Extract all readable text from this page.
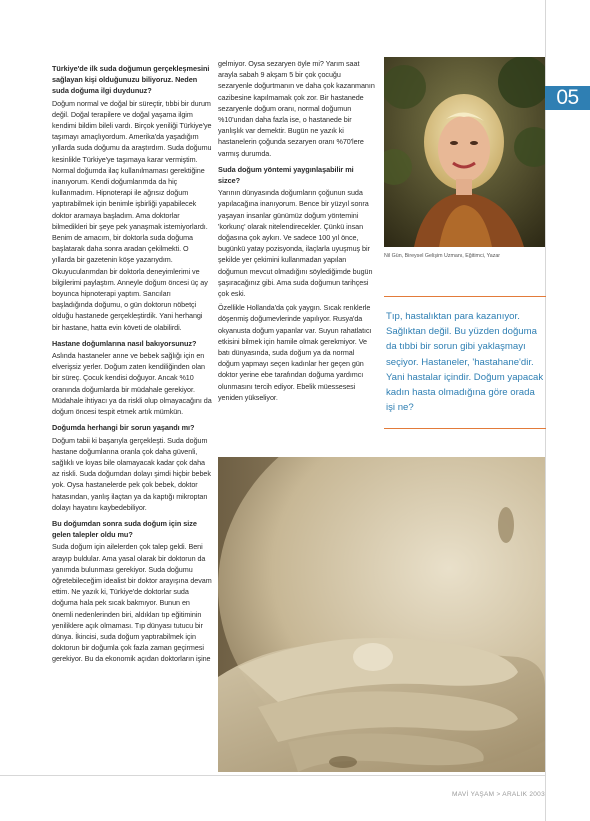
Türkiye'de ilk suda doğumun gerçekleşmesini sağlayan kişi olduğunuzu biliyoruz. Neden suda doğuma ilgi duydunuz?

Doğum normal ve doğal bir süreçtir, tıbbi bir durum değil. Doğal terapilere ve doğal yaşama ilgim kendimi bildim bileli vardı. Birçok yeniliği Türkiye'ye taşımayı amaçlıyordum. Amerika'da yaşadığım yıllarda suda doğumu da araştırdım. Suda doğumu kesinlikle Türkiye'ye taşımaya karar vermiştim. Normal doğumda ilaç kullanılmaması gerektiğine inanıyorum. Kendi doğumlarımda da hiç kullanmadım. Hipnoterapi ile ağrısız doğum yaptırabilmek için benimle işbirliği yapabilecek doktor aramaya başladım. Ama doktorlar bilmedikleri bir şeye pek yanaşmak istemiyorlardı. Benim de amacım, bir doktorla suda doğuma başlatarak daha sonra aradan çekilmekti. O yıllarda bir gazetenin köşe yazarıydım. Okuyucularımdan bir doktorla deneyimlerimi ve bilgilerimi paylaştım. Anneyle doğum öncesi üç ay boyunca hipnoterapi yaptım. Sancıları başladığında doğumu, o gün doktorun nöbetçi olduğu hastanede gerçekleştirdik. Yani herhangi bir hastane, hatta evin követi de olabilirdi.

Hastane doğumlarına nasıl bakıyorsunuz?

Aslında hastaneler anne ve bebek sağlığı için en elverişsiz yerler. Doğum zaten kendiliğinden olan bir süreç. Çocuk kendisi doğuyor. Ancak %10 oranında doğumlarda bir müdahale gerekiyor. Müdahale ihtiyacı ya da riskli olup olmayacağını da doğum öncesi tespit etmek artık mümkün.

Doğumda herhangi bir sorun yaşandı mı?

Doğum tabii ki başarıyla gerçekleşti. Suda doğum hastane doğumlarına oranla çok daha güvenli, sağlıklı ve kıyas bile olamayacak kadar çok daha az riskli. Suda doğumdan dolayı şimdi hiçbir bebek yok. Oysa hastanelerde pek çok bebek, doktor hatasından, yanlış ilaçtan ya da kaptığı mikroptan dolayı hayatını kaybedebiliyor.

Bu doğumdan sonra suda doğum için size gelen talepler oldu mu?

Suda doğum için ailelerden çok talep geldi. Beni arayıp buldular. Ama yasal olarak bir doktorun da yanımda bulunması gerekiyor. Suda doğumu öğretebileceğim idealist bir doktor arayışına devam ettim. Ne yazık ki, Türkiye'de doktorlar suda doğuma hala pek sıcak bakmıyor. Bunun en önemli nedenlerinden biri, aldıkları tıp eğitiminin yeniliklere açık olmaması. Tıp dünyası tutucu bir dünya. İkincisi, suda doğum yaptırabilmek için doktorun bir doğumla çok fazla zaman geçirmesi gerekiyor. Bu da ekonomik açıdan doktorların işine

gelmiyor. Oysa sezaryen öyle mi? Yarım saat arayla sabah 9 akşam 5 bir çok çocuğu sezaryenle doğurtmanın ve daha çok kazanmanın cazibesine kapılmamak çok zor. Bir hastanede sezaryenle doğum oranı, normal doğumun %10'undan daha fazla ise, o hastanede bir yanlışlık var demektir. Bugün ne yazık ki hastanelerin çoğunda sezaryen oranı %70'lere varmış durumda.

Suda doğum yöntemi yaygınlaşabilir mi sizce?

Yarının dünyasında doğumların çoğunun suda yapılacağına inanıyorum. Bence bir yüzyıl sonra yaşayan insanlar günümüz doğum yöntemini 'korkunç' olarak nitelendirecekler. Çünkü insan doğasına çok aykırı. Ve sadece 100 yıl önce, bugünkü yatay pozisyonda, ilaçlarla uyuşmuş bir şekilde yer çekimini kullanmadan yapılan doğumun mevcut olmadığını söylediğimde bugün şaşıracağınız gibi. Ama suda doğumun tarihçesi çok eski.

Özellikle Hollanda'da çok yaygın. Sıcak renklerle döşenmiş doğumevlerinde yapılıyor. Rusya'da okyanusta doğum yapanlar var. Suyun rahatlatıcı etkisini bilmek için hamile olmak gerekmiyor. Ve batı dünyasında, suda doğum ya da normal doğum yapmayı seçen kadınlar her geçen gün doktor yerine ebe tarafından doğuma yardımcı olunmasını tercih ediyor. Ebelik müessesesi yeniden yükseliyor.

Nil Gün, Bireysel Gelişim Uzmanı, Eğitimci, Yazar
05
Tıp, hastalıktan para kazanıyor. Sağlıktan değil. Bu yüzden doğuma da tıbbi bir sorun gibi yaklaşmayı seçiyor. Hastaneler, 'hastahane'dir. Yani hastalar içindir. Doğum yapacak kadın hasta olmadığına göre orada işi ne?
MAVİ YAŞAM > ARALIK 2003
